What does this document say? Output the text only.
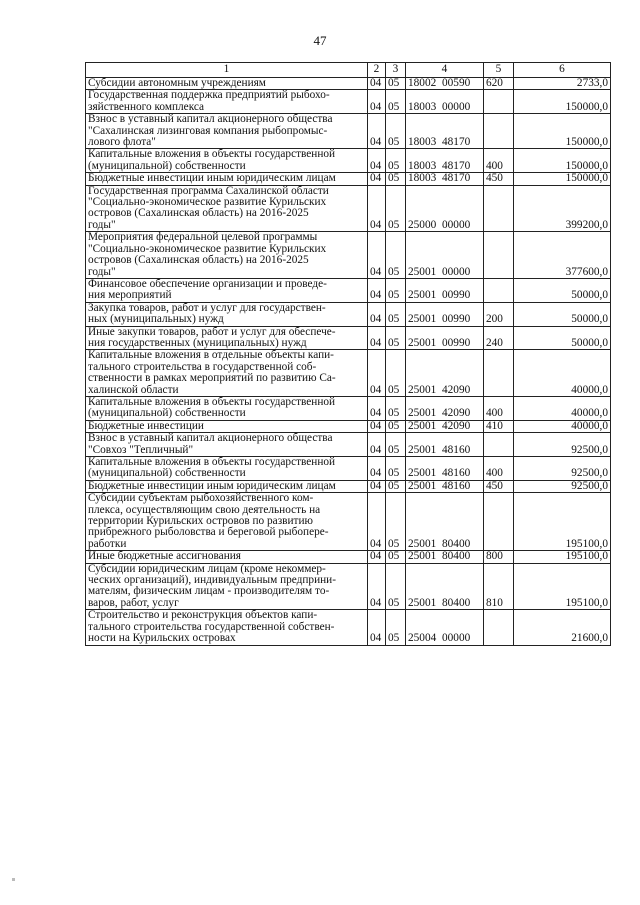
47
1	2	3	4	5	6
Субсидии автономным учреждениям	04	05	18002 00590	620	2733,0
Государственная поддержка предприятий рыбохо-
зяйственного комплекса	04	05	18003 00000		150000,0
Взнос в уставный капитал акционерного общества
"Сахалинская лизинговая компания рыбопромыс-
лового флота"	04	05	18003 48170		150000,0
Капитальные вложения в объекты государственной
(муниципальной) собственности	04	05	18003 48170	400	150000,0
Бюджетные инвестиции иным юридическим лицам	04	05	18003 48170	450	150000,0
Государственная программа Сахалинской области
"Социально-экономическое развитие Курильских
островов (Сахалинская область) на 2016-2025
годы"	04	05	25000 00000		399200,0
Мероприятия федеральной целевой программы
"Социально-экономическое развитие Курильских
островов (Сахалинская область) на 2016-2025
годы"	04	05	25001 00000		377600,0
Финансовое обеспечение организации и проведе-
ния мероприятий	04	05	25001 00990		50000,0
Закупка товаров, работ и услуг для государствен-
ных (муниципальных) нужд	04	05	25001 00990	200	50000,0
Иные закупки товаров, работ и услуг для обеспече-
ния государственных (муниципальных) нужд	04	05	25001 00990	240	50000,0
Капитальные вложения в отдельные объекты капи-
тального строительства в государственной соб-
ственности в рамках мероприятий по развитию Са-
халинской области	04	05	25001 42090		40000,0
Капитальные вложения в объекты государственной
(муниципальной) собственности	04	05	25001 42090	400	40000,0
Бюджетные инвестиции	04	05	25001 42090	410	40000,0
Взнос в уставный капитал акционерного общества
"Совхоз "Тепличный"	04	05	25001 48160		92500,0
Капитальные вложения в объекты государственной
(муниципальной) собственности	04	05	25001 48160	400	92500,0
Бюджетные инвестиции иным юридическим лицам	04	05	25001 48160	450	92500,0
Субсидии субъектам рыбохозяйственного ком-
плекса, осуществляющим свою деятельность на
территории Курильских островов по развитию
прибрежного рыболовства и береговой рыбопере-
работки	04	05	25001 80400		195100,0
Иные бюджетные ассигнования	04	05	25001 80400	800	195100,0
Субсидии юридическим лицам (кроме некоммер-
ческих организаций), индивидуальным предприни-
мателям, физическим лицам - производителям то-
варов, работ, услуг	04	05	25001 80400	810	195100,0
Строительство и реконструкция объектов капи-
тального строительства государственной собствен-
ности на Курильских островах	04	05	25004 00000		21600,0
